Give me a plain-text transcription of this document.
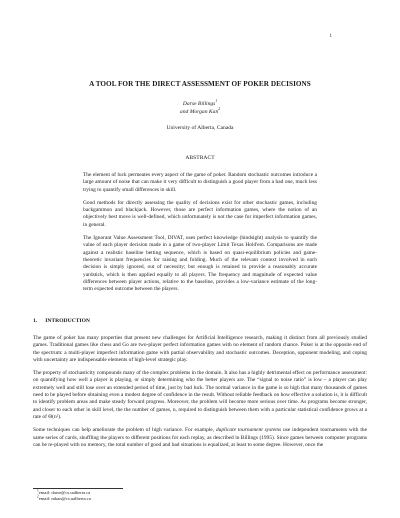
1
A TOOL FOR THE DIRECT ASSESSMENT OF POKER DECISIONS
Darse Billings$^1$
and Morgan Kan$^2$
University of Alberta, Canada
ABSTRACT

The element of luck permeates every aspect of the game of poker. Random stochastic outcomes introduce a large amount of noise that can make it very difficult to distinguish a good player from a bad one, much less trying to quantify small differences in skill.

Good methods for directly assessing the quality of decisions exist for other stochastic games, including backgammon and blackjack. However, those are perfect information games, where the notion of an objectively best move is well-defined, which unfortunately is not the case for imperfect information games, in general.

The Ignorant Value Assessment Tool, DIVAT, uses perfect knowledge (hindsight) analysis to quantify the value of each player decision made in a game of two-player Limit Texas Hold'em. Comparisons are made against a realistic baseline betting sequence, which is based on quasi-equilibrium policies and game-theoretic invariant frequencies for raising and folding. Much of the relevant context involved in each decision is simply ignored, out of necessity; but enough is retained to provide a reasonably accurate yardstick, which is then applied equally to all players. The frequency and magnitude of expected value differences between player actions, relative to the baseline, provides a low-variance estimate of the long-term expected outcome between the players.

1. INTRODUCTION

The game of poker has many properties that present new challenges for Artificial Intelligence research, making it distinct from all previously studied games. Traditional games like chess and Go are two-player perfect information games with no element of random chance. Poker is at the opposite end of the spectrum: a multi-player imperfect information game with partial observability and stochastic outcomes. Deception, opponent modeling, and coping with uncertainty are indispensable elements of high-level strategic play.

The property of stochasticity compounds many of the complex problems in the domain. It also has a highly detrimental effect on performance assessment: on quantifying how well a player is playing, or simply determining who the better players are. The “signal to noise ratio” is low – a player can play extremely well and still lose over an extended period of time, just by bad luck. The normal variance in the game is so high that many thousands of games need to be played before obtaining even a modest degree of confidence in the result. Without reliable feedback on how effective a solution is, it is difficult to identify problem areas and make steady forward progress. Moreover, the problem will become more serious over time. As programs become stronger, and closer to each other in skill level, the the number of games, n, required to distinguish between them with a particular statistical confidence grows at a rate of Θ(n²).

Some techniques can help ameliorate the problem of high variance. For example, duplicate tournament systems use independent tournaments with the same series of cards, shuffling the players to different positions for each replay, as described in Billings (1995). Since games between computer programs can be re-played with no memory, the total number of good and bad situations is equalized, at least to some degree. However, once the

$^1$email: darse@cs.ualberta.ca
$^2$email: mkan@cs.ualberta.ca
